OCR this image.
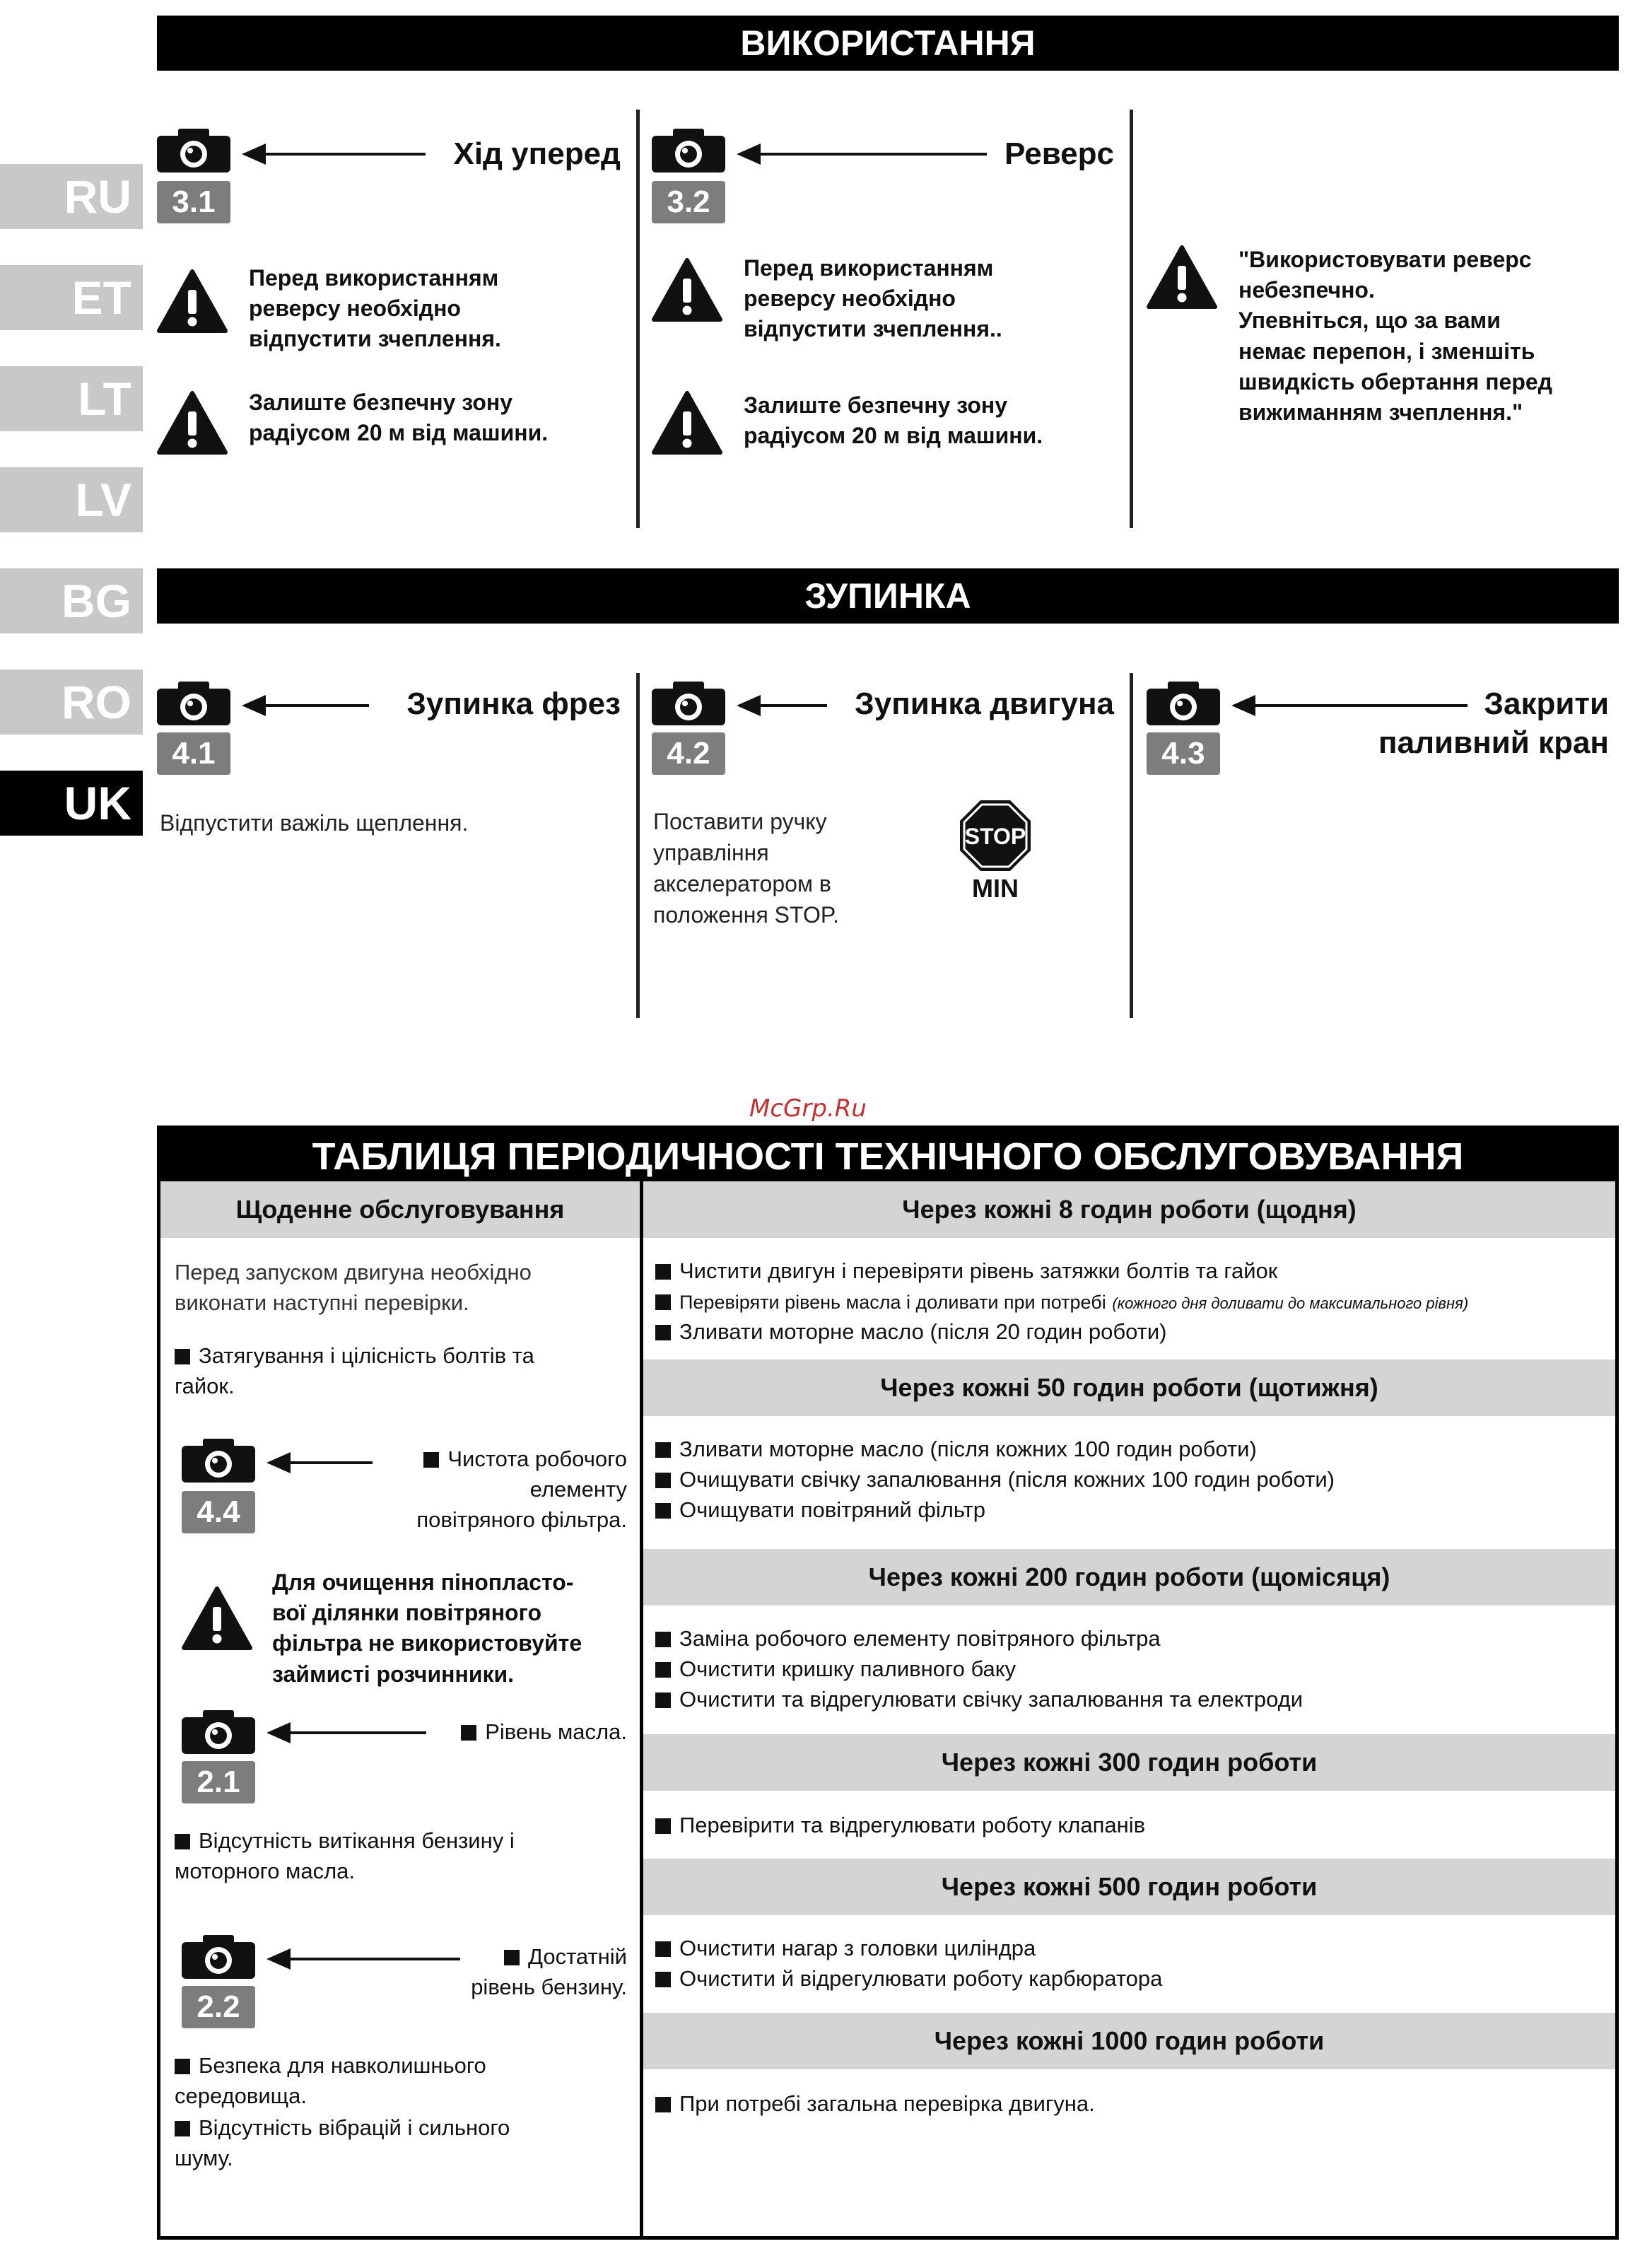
RU
ET
LT
LV
BG
RO
UK
ВИКОРИСТАННЯ
3.1
Хід уперед
Перед використанням
реверсу необхідно
відпустити зчеплення.
Залиште безпечну зону
радіусом 20 м від машини.
3.2
Реверс
Перед використанням
реверсу необхідно
відпустити зчеплення..
Залиште безпечну зону
радіусом 20 м від машини.
"Використовувати реверс
небезпечно.
Упевніться, що за вами
немає перепон, і зменшіть
швидкість обертання перед
вижиманням зчеплення."
ЗУПИНКА
4.1
Зупинка фрез
Відпустити важіль щеплення.
4.2
Зупинка двигуна
Поставити ручку
управління
акселератором в
положення STOP.
STOP
MIN
4.3
Закрити
паливний кран
McGrp.Ru
ТАБЛИЦЯ ПЕРІОДИЧНОСТІ ТЕХНІЧНОГО ОБСЛУГОВУВАННЯ
Щоденне обслуговування
Перед запуском двигуна необхідно
виконати наступні перевірки.
Затягування і цілісність болтів та
гайок.
4.4
Чистота робочого
елементу
повітряного фільтра.
Для очищення пінопласто-
вої ділянки повітряного
фільтра не використовуйте
займисті розчинники.
2.1
Рівень масла.
Відсутність витікання бензину і
моторного масла.
2.2
Достатній
рівень бензину.
Безпека для навколишнього
середовища.
Відсутність вібрацій і сильного
шуму.
Через кожні 8 годин роботи (щодня)
Чистити двигун і перевіряти рівень затяжки болтів та гайок
Перевіряти рівень масла і доливати при потребі (кожного дня доливати до максимального рівня)
Зливати моторне масло (після 20 годин роботи)
Через кожні 50 годин роботи (щотижня)
Зливати моторне масло (після кожних 100 годин роботи)
Очищувати свічку запалювання (після кожних 100 годин роботи)
Очищувати повітряний фільтр
Через кожні 200 годин роботи (щомісяця)
Заміна робочого елементу повітряного фільтра
Очистити кришку паливного баку
Очистити та відрегулювати свічку запалювання та електроди
Через кожні 300 годин роботи
Перевірити та відрегулювати роботу клапанів
Через кожні 500 годин роботи
Очистити нагар з головки циліндра
Очистити й відрегулювати роботу карбюратора
Через кожні 1000 годин роботи
При потребі загальна перевірка двигуна.
